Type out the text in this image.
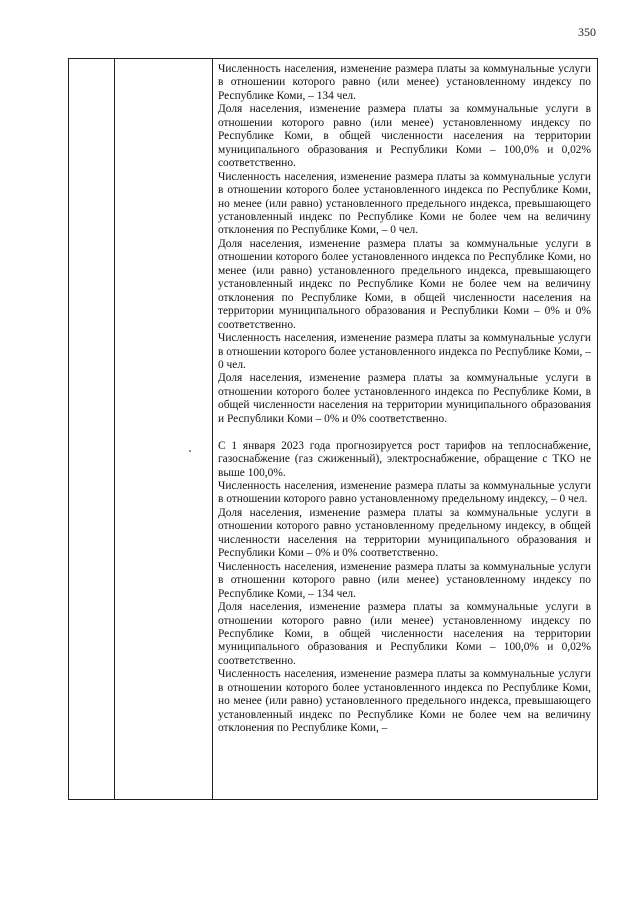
350

Численность населения, изменение размера платы за коммунальные услуги в отношении которого равно (или менее) установленному индексу по Республике Коми, – 134 чел.

Доля населения, изменение размера платы за коммунальные услуги в отношении которого равно (или менее) установленному индексу по Республике Коми, в общей численности населения на территории муниципального образования и Республики Коми – 100,0% и 0,02% соответственно.

Численность населения, изменение размера платы за коммунальные услуги в отношении которого более установленного индекса по Республике Коми, но менее (или равно) установленного предельного индекса, превышающего установленный индекс по Республике Коми не более чем на величину отклонения по Республике Коми, – 0 чел.

Доля населения, изменение размера платы за коммунальные услуги в отношении которого более установленного индекса по Республике Коми, но менее (или равно) установленного предельного индекса, превышающего установленный индекс по Республике Коми не более чем на величину отклонения по Республике Коми, в общей численности населения на территории муниципального образования и Республики Коми – 0% и 0% соответственно.

Численность населения, изменение размера платы за коммунальные услуги в отношении которого более установленного индекса по Республике Коми, – 0 чел.

Доля населения, изменение размера платы за коммунальные услуги в отношении которого более установленного индекса по Республике Коми, в общей численности населения на территории муниципального образования и Республики Коми – 0% и 0% соответственно.

С 1 января 2023 года прогнозируется рост тарифов на теплоснабжение, газоснабжение (газ сжиженный), электроснабжение, обращение с ТКО не выше 100,0%.

Численность населения, изменение размера платы за коммунальные услуги в отношении которого равно установленному предельному индексу, – 0 чел.

Доля населения, изменение размера платы за коммунальные услуги в отношении которого равно установленному предельному индексу, в общей численности населения на территории муниципального образования и Республики Коми – 0% и 0% соответственно.

Численность населения, изменение размера платы за коммунальные услуги в отношении которого равно (или менее) установленному индексу по Республике Коми, – 134 чел.

Доля населения, изменение размера платы за коммунальные услуги в отношении которого равно (или менее) установленному индексу по Республике Коми, в общей численности населения на территории муниципального образования и Республики Коми – 100,0% и 0,02% соответственно.

Численность населения, изменение размера платы за коммунальные услуги в отношении которого более установленного индекса по Республике Коми, но менее (или равно) установленного предельного индекса, превышающего установленный индекс по Республике Коми не более чем на величину отклонения по Республике Коми, –
